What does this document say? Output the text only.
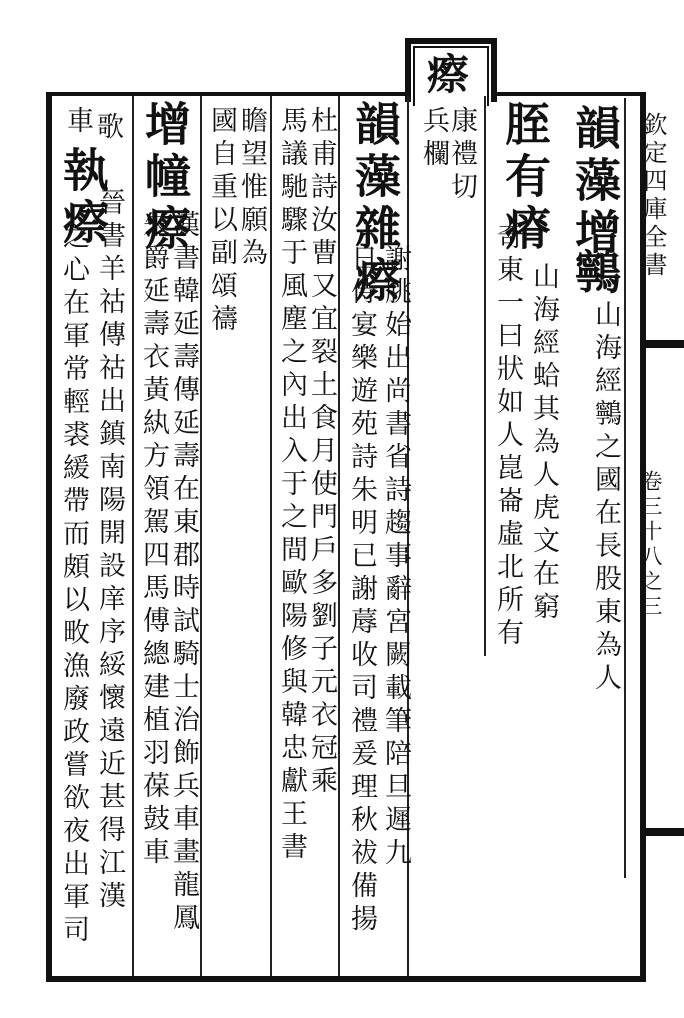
瘵
欽定四庫全書
卷三十八之三
韻藻增
鸋
山海經鸋之國在長股東為人
胵有瘠
山海經蛤其為人虎文在窮
奇東一曰狀如人崑崙虛北所有
康禮切
兵欄
韻藻雜瘵
謝朓始出尚書省詩趨事辭宮闕載筆陪旦遲九
日侍宴樂遊苑詩朱明已謝蓐收司禮爰理秋祓備揚
杜甫詩汝曹又宜裂土食月使門戶多劉子元衣冠乘
馬議馳驟于風塵之內出入于之間歐陽修與韓忠獻王書
瞻望惟願為
國自重以副頌禱
增幢瘵
漢書韓延壽傳延壽在東郡時試騎士治飾兵車畫龍鳳
朱爵延壽衣黃紈方領駕四馬傅總建植羽葆鼓車
歌
執瘵
晉書羊祜傳祜出鎮南陽開設庠序綏懷遠近甚得江漢
車
之心在軍常輕裘緩帶而頗以畋漁廢政嘗欲夜出軍司
